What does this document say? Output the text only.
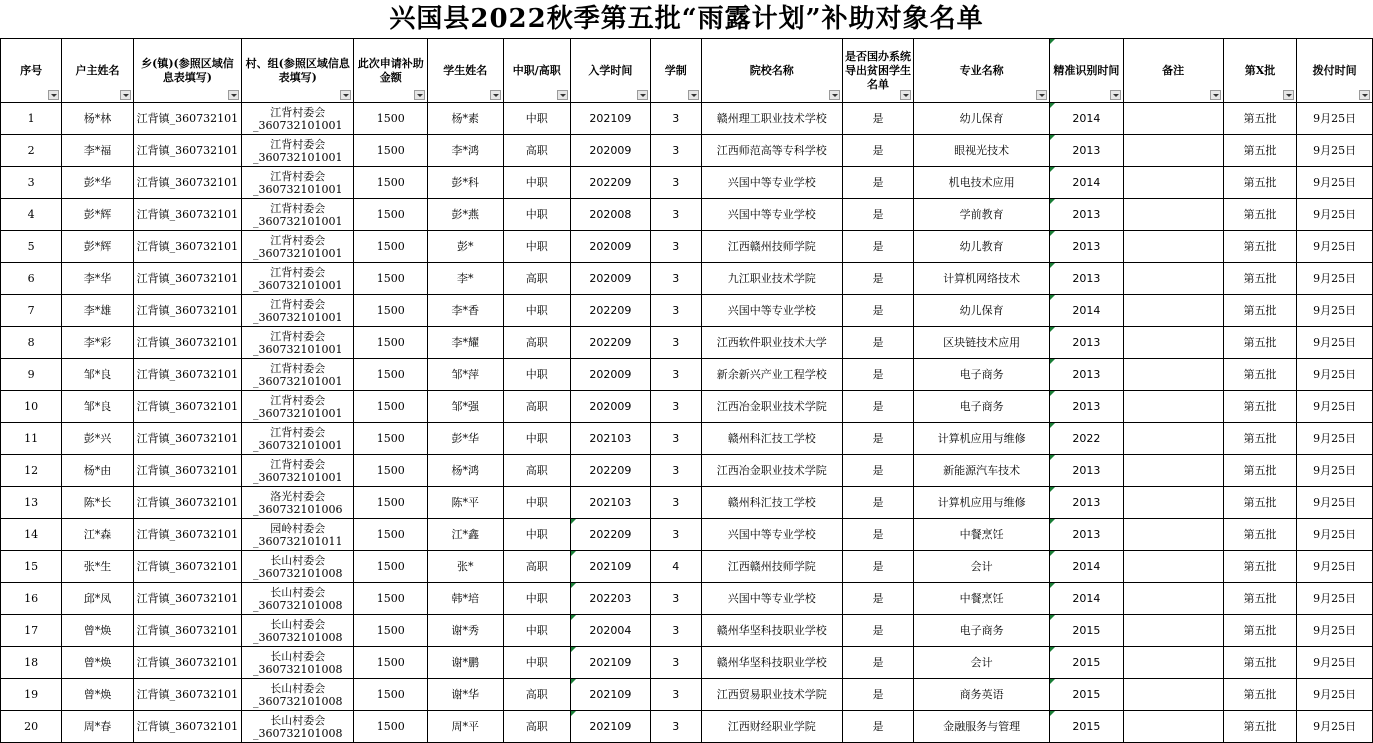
兴国县2022秋季第五批“雨露计划”补助对象名单
序号	户主姓名	乡(镇)(参照区域信息表填写)	村、组(参照区域信息表填写)	此次申请补助金额	学生姓名	中职/高职	入学时间	学制	院校名称	是否国办系统导出贫困学生名单	专业名称	精准识别时间	备注	第X批	拨付时间

1	杨*林	江背镇_360732101	江背村委会_360732101001	1500	杨*素	中职	202109	3	赣州理工职业技术学校	是	幼儿保育	2014		第五批	9月25日

2	李*福	江背镇_360732101	江背村委会_360732101001	1500	李*鸿	高职	202009	3	江西师范高等专科学校	是	眼视光技术	2013		第五批	9月25日

3	彭*华	江背镇_360732101	江背村委会_360732101001	1500	彭*科	中职	202209	3	兴国中等专业学校	是	机电技术应用	2014		第五批	9月25日

4	彭*辉	江背镇_360732101	江背村委会_360732101001	1500	彭*燕	中职	202008	3	兴国中等专业学校	是	学前教育	2013		第五批	9月25日

5	彭*辉	江背镇_360732101	江背村委会_360732101001	1500	彭*	中职	202009	3	江西赣州技师学院	是	幼儿教育	2013		第五批	9月25日

6	李*华	江背镇_360732101	江背村委会_360732101001	1500	李*	高职	202009	3	九江职业技术学院	是	计算机网络技术	2013		第五批	9月25日

7	李*雄	江背镇_360732101	江背村委会_360732101001	1500	李*香	中职	202209	3	兴国中等专业学校	是	幼儿保育	2014		第五批	9月25日

8	李*彩	江背镇_360732101	江背村委会_360732101001	1500	李*耀	高职	202209	3	江西软件职业技术大学	是	区块链技术应用	2013		第五批	9月25日

9	邹*良	江背镇_360732101	江背村委会_360732101001	1500	邹*萍	中职	202009	3	新余新兴产业工程学校	是	电子商务	2013		第五批	9月25日

10	邹*良	江背镇_360732101	江背村委会_360732101001	1500	邹*强	高职	202009	3	江西冶金职业技术学院	是	电子商务	2013		第五批	9月25日

11	彭*兴	江背镇_360732101	江背村委会_360732101001	1500	彭*华	中职	202103	3	赣州科汇技工学校	是	计算机应用与维修	2022		第五批	9月25日

12	杨*由	江背镇_360732101	江背村委会_360732101001	1500	杨*鸿	高职	202209	3	江西冶金职业技术学院	是	新能源汽车技术	2013		第五批	9月25日

13	陈*长	江背镇_360732101	洛光村委会_360732101006	1500	陈*平	中职	202103	3	赣州科汇技工学校	是	计算机应用与维修	2013		第五批	9月25日

14	江*森	江背镇_360732101	园岭村委会_360732101011	1500	江*鑫	中职	202209	3	兴国中等专业学校	是	中餐烹饪	2013		第五批	9月25日

15	张*生	江背镇_360732101	长山村委会_360732101008	1500	张*	高职	202109	4	江西赣州技师学院	是	会计	2014		第五批	9月25日

16	邱*凤	江背镇_360732101	长山村委会_360732101008	1500	韩*培	中职	202203	3	兴国中等专业学校	是	中餐烹饪	2014		第五批	9月25日

17	曾*焕	江背镇_360732101	长山村委会_360732101008	1500	谢*秀	中职	202004	3	赣州华坚科技职业学校	是	电子商务	2015		第五批	9月25日

18	曾*焕	江背镇_360732101	长山村委会_360732101008	1500	谢*鹏	中职	202109	3	赣州华坚科技职业学校	是	会计	2015		第五批	9月25日

19	曾*焕	江背镇_360732101	长山村委会_360732101008	1500	谢*华	高职	202109	3	江西贸易职业技术学院	是	商务英语	2015		第五批	9月25日

20	周*春	江背镇_360732101	长山村委会_360732101008	1500	周*平	高职	202109	3	江西财经职业学院	是	金融服务与管理	2015		第五批	9月25日
